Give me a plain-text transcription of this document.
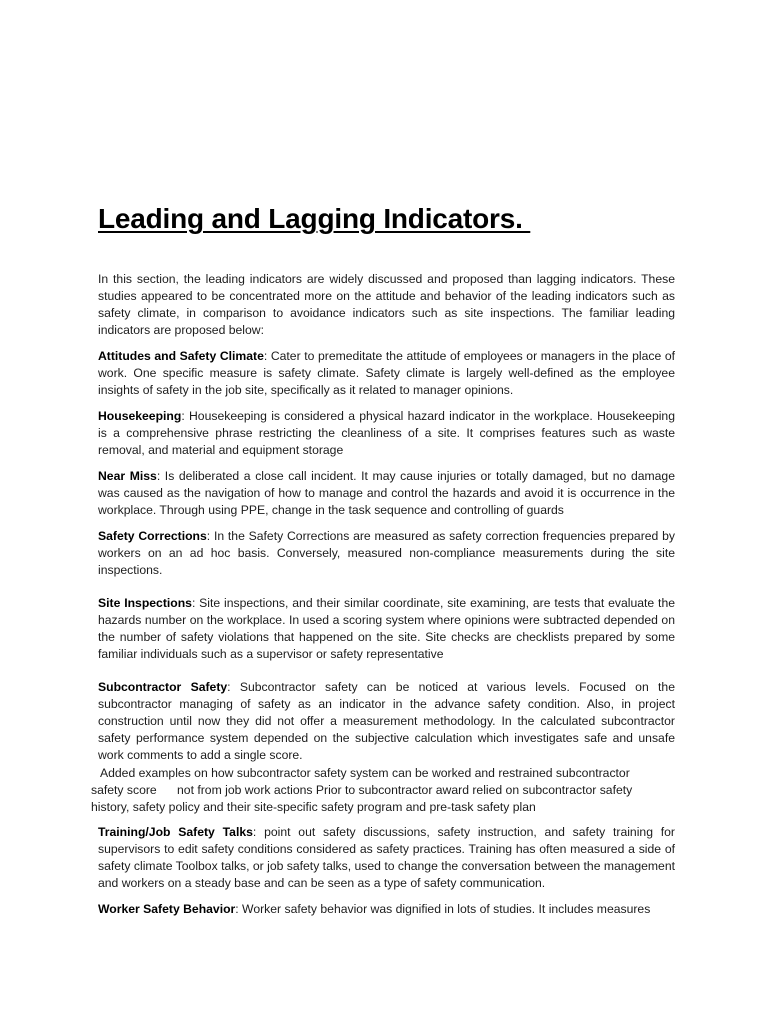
Leading and Lagging Indicators.

In this section, the leading indicators are widely discussed and proposed than lagging indicators. These studies appeared to be concentrated more on the attitude and behavior of the leading indicators such as safety climate, in comparison to avoidance indicators such as site inspections. The familiar leading indicators are proposed below:

Attitudes and Safety Climate: Cater to premeditate the attitude of employees or managers in the place of work. One specific measure is safety climate. Safety climate is largely well-defined as the employee insights of safety in the job site, specifically as it related to manager opinions.

Housekeeping: Housekeeping is considered a physical hazard indicator in the workplace. Housekeeping is a comprehensive phrase restricting the cleanliness of a site. It comprises features such as waste removal, and material and equipment storage

Near Miss: Is deliberated a close call incident. It may cause injuries or totally damaged, but no damage was caused as the navigation of how to manage and control the hazards and avoid it is occurrence in the workplace. Through using PPE, change in the task sequence and controlling of guards

Safety Corrections: In the Safety Corrections are measured as safety correction frequencies prepared by workers on an ad hoc basis. Conversely, measured non-compliance measurements during the site inspections.

Site Inspections: Site inspections, and their similar coordinate, site examining, are tests that evaluate the hazards number on the workplace. In used a scoring system where opinions were subtracted depended on the number of safety violations that happened on the site. Site checks are checklists prepared by some familiar individuals such as a supervisor or safety representative

Subcontractor Safety: Subcontractor safety can be noticed at various levels. Focused on the subcontractor managing of safety as an indicator in the advance safety condition. Also, in project construction until now they did not offer a measurement methodology. In the calculated subcontractor safety performance system depended on the subjective calculation which investigates safe and unsafe work comments to add a single score.

Added examples on how subcontractor safety system can be worked and restrained subcontractor
safety score      not from job work actions Prior to subcontractor award relied on subcontractor safety
history, safety policy and their site-specific safety program and pre-task safety plan

Training/Job Safety Talks: point out safety discussions, safety instruction, and safety training for supervisors to edit safety conditions considered as safety practices. Training has often measured a side of safety climate Toolbox talks, or job safety talks, used to change the conversation between the management and workers on a steady base and can be seen as a type of safety communication.

Worker Safety Behavior: Worker safety behavior was dignified in lots of studies. It includes measures
